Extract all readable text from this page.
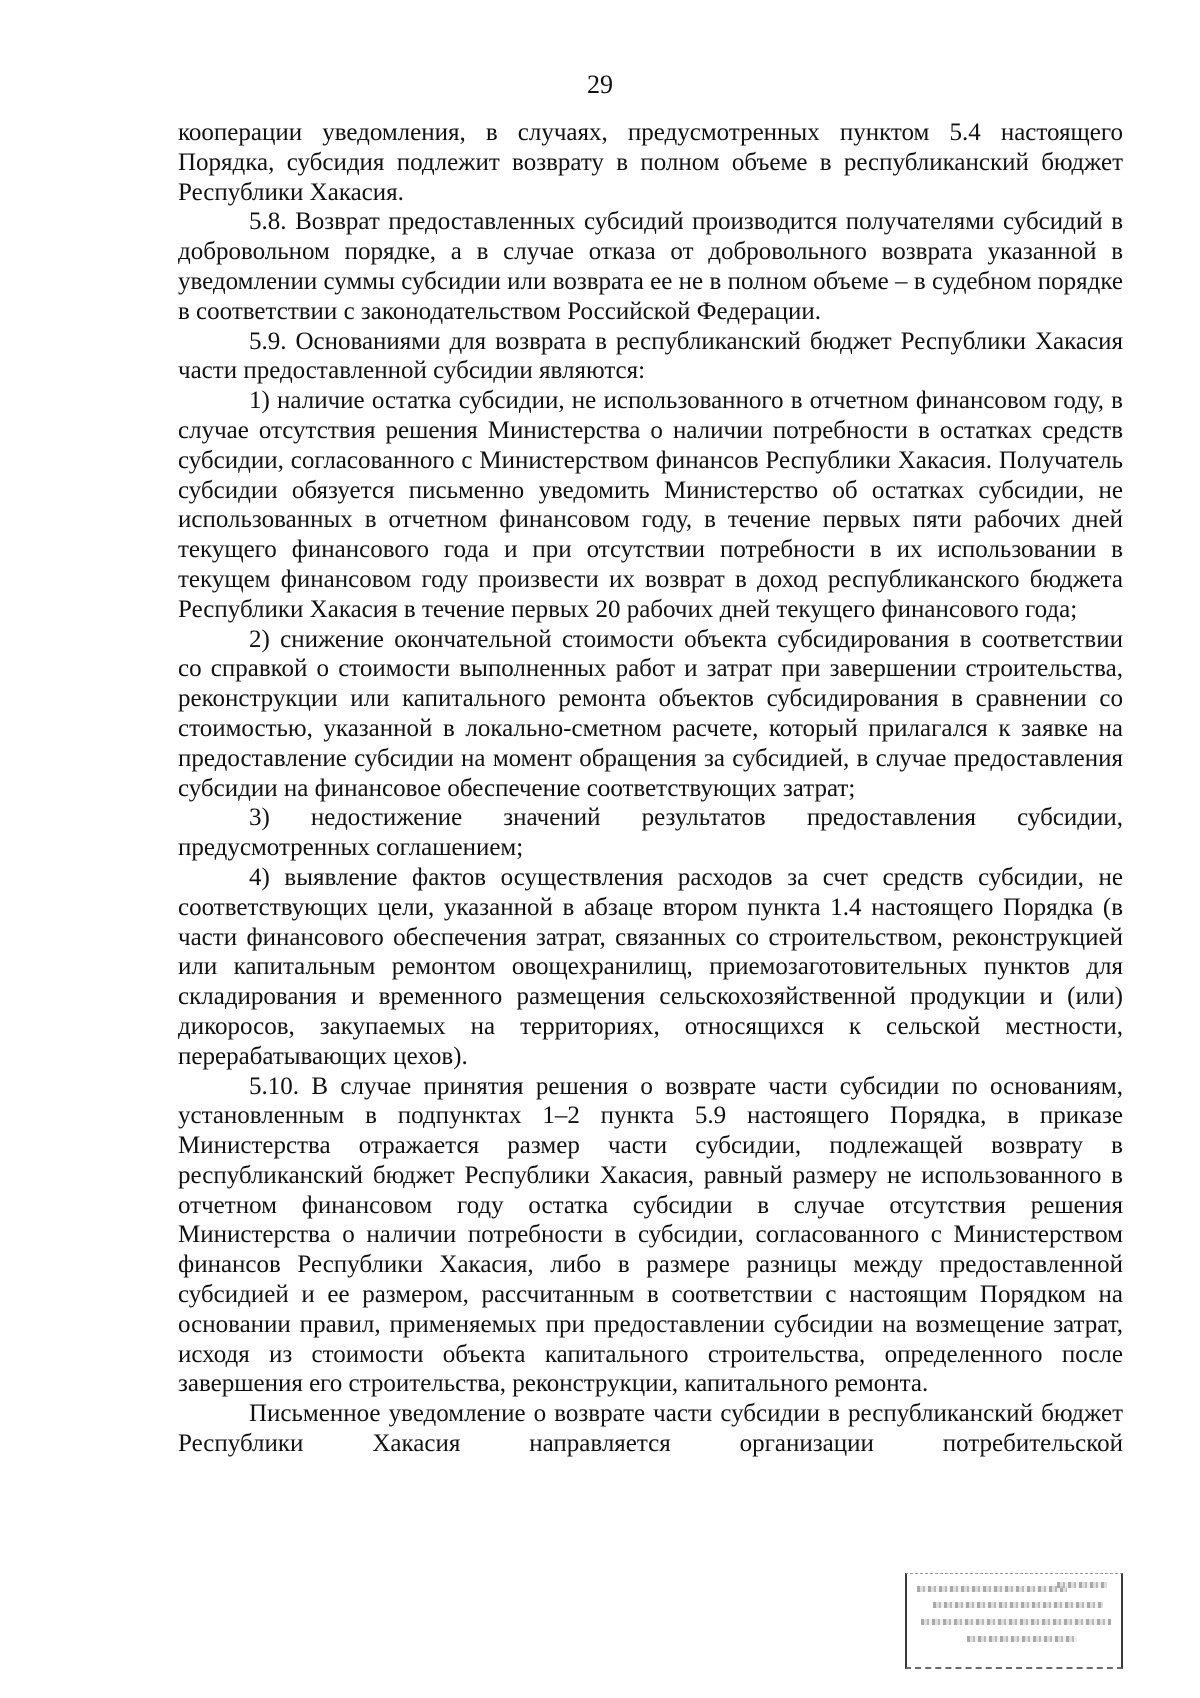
29

кооперации уведомления, в случаях, предусмотренных пунктом 5.4 настоящего Порядка, субсидия подлежит возврату в полном объеме в республиканский бюджет Республики Хакасия.

5.8. Возврат предоставленных субсидий производится получателями субсидий в добровольном порядке, а в случае отказа от добровольного возврата указанной в уведомлении суммы субсидии или возврата ее не в полном объеме – в судебном порядке в соответствии с законодательством Российской Федерации.

5.9. Основаниями для возврата в республиканский бюджет Республики Хакасия части предоставленной субсидии являются:

1) наличие остатка субсидии, не использованного в отчетном финансовом году, в случае отсутствия решения Министерства о наличии потребности в остатках средств субсидии, согласованного с Министерством финансов Республики Хакасия. Получатель субсидии обязуется письменно уведомить Министерство об остатках субсидии, не использованных в отчетном финансовом году, в течение первых пяти рабочих дней текущего финансового года и при отсутствии потребности в их использовании в текущем финансовом году произвести их возврат в доход республиканского бюджета Республики Хакасия в течение первых 20 рабочих дней текущего финансового года;

2) снижение окончательной стоимости объекта субсидирования в соответствии со справкой о стоимости выполненных работ и затрат при завершении строительства, реконструкции или капитального ремонта объектов субсидирования в сравнении со стоимостью, указанной в локально-сметном расчете, который прилагался к заявке на предоставление субсидии на момент обращения за субсидией, в случае предоставления субсидии на финансовое обеспечение соответствующих затрат;

3) недостижение значений результатов предоставления субсидии, предусмотренных соглашением;

4) выявление фактов осуществления расходов за счет средств субсидии, не соответствующих цели, указанной в абзаце втором пункта 1.4 настоящего Порядка (в части финансового обеспечения затрат, связанных со строительством, реконструкцией или капитальным ремонтом овощехранилищ, приемозаготовительных пунктов для складирования и временного размещения сельскохозяйственной продукции и (или) дикоросов, закупаемых на территориях, относящихся к сельской местности, перерабатывающих цехов).

5.10. В случае принятия решения о возврате части субсидии по основаниям, установленным в подпунктах 1–2 пункта 5.9 настоящего Порядка, в приказе Министерства отражается размер части субсидии, подлежащей возврату в республиканский бюджет Республики Хакасия, равный размеру не использованного в отчетном финансовом году остатка субсидии в случае отсутствия решения Министерства о наличии потребности в субсидии, согласованного с Министерством финансов Республики Хакасия, либо в размере разницы между предоставленной субсидией и ее размером, рассчитанным в соответствии с настоящим Порядком на основании правил, применяемых при предоставлении субсидии на возмещение затрат, исходя из стоимости объекта капитального строительства, определенного после завершения его строительства, реконструкции, капитального ремонта.

Письменное уведомление о возврате части субсидии в республиканский бюджет Республики Хакасия направляется организации потребительской
